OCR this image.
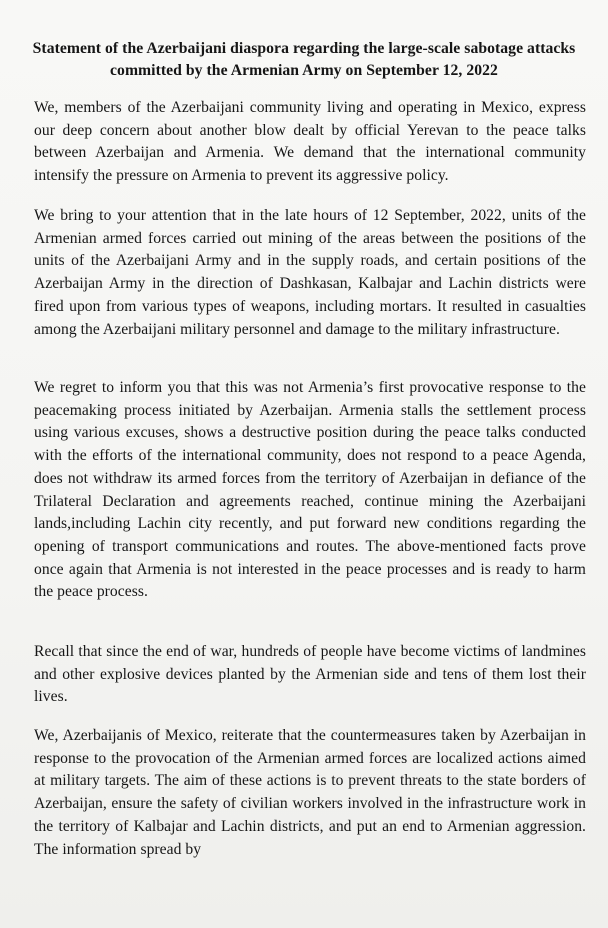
Statement of the Azerbaijani diaspora regarding the large-scale sabotage attacks committed by the Armenian Army on September 12, 2022

We, members of the Azerbaijani community living and operating in Mexico, express our deep concern about another blow dealt by official Yerevan to the peace talks between Azerbaijan and Armenia. We demand that the international community intensify the pressure on Armenia to prevent its aggressive policy.

We bring to your attention that in the late hours of 12 September, 2022, units of the Armenian armed forces carried out mining of the areas between the positions of the units of the Azerbaijani Army and in the supply roads, and certain positions of the Azerbaijan Army in the direction of Dashkasan, Kalbajar and Lachin districts were fired upon from various types of weapons, including mortars. It resulted in casualties among the Azerbaijani military personnel and damage to the military infrastructure.

We regret to inform you that this was not Armenia’s first provocative response to the peacemaking process initiated by Azerbaijan. Armenia stalls the settlement process using various excuses, shows a destructive position during the peace talks conducted with the efforts of the international community, does not respond to a peace Agenda, does not withdraw its armed forces from the territory of Azerbaijan in defiance of the Trilateral Declaration and agreements reached, continue mining the Azerbaijani lands,including Lachin city recently, and put forward new conditions regarding the opening of transport communications and routes. The above-mentioned facts prove once again that Armenia is not interested in the peace processes and is ready to harm the peace process.

Recall that since the end of war, hundreds of people have become victims of landmines and other explosive devices planted by the Armenian side and tens of them lost their lives.

We, Azerbaijanis of Mexico, reiterate that the countermeasures taken by Azerbaijan in response to the provocation of the Armenian armed forces are localized actions aimed at military targets. The aim of these actions is to prevent threats to the state borders of Azerbaijan, ensure the safety of civilian workers involved in the infrastructure work in the territory of Kalbajar and Lachin districts, and put an end to Armenian aggression. The information spread by
